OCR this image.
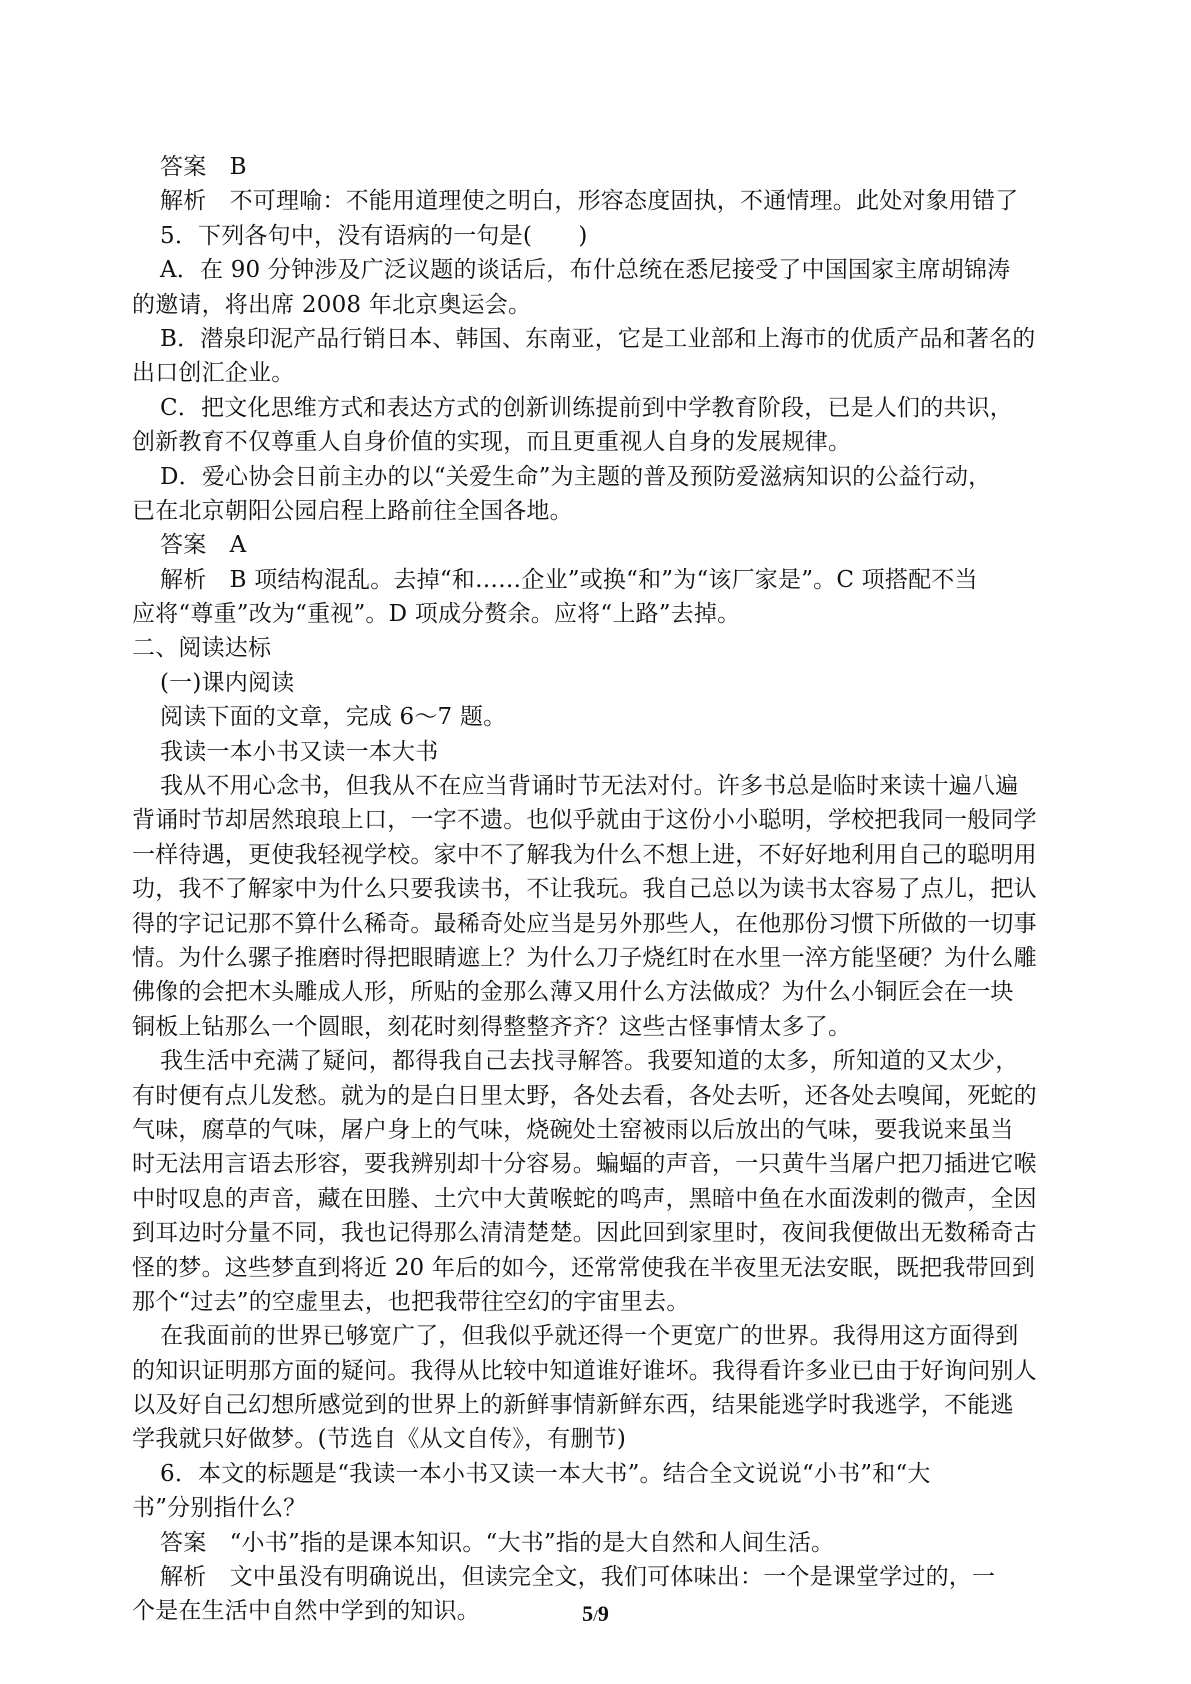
答案　B
解析　不可理喻：不能用道理使之明白，形容态度固执，不通情理。此处对象用错了
5．下列各句中，没有语病的一句是(　　)
A．在 90 分钟涉及广泛议题的谈话后，布什总统在悉尼接受了中国国家主席胡锦涛
的邀请，将出席 2008 年北京奥运会。
B．潜泉印泥产品行销日本、韩国、东南亚，它是工业部和上海市的优质产品和著名的
出口创汇企业。
C．把文化思维方式和表达方式的创新训练提前到中学教育阶段，已是人们的共识，
创新教育不仅尊重人自身价值的实现，而且更重视人自身的发展规律。
D．爱心协会日前主办的以“关爱生命”为主题的普及预防爱滋病知识的公益行动，
已在北京朝阳公园启程上路前往全国各地。
答案　A
解析　B 项结构混乱。去掉“和……企业”或换“和”为“该厂家是”。C 项搭配不当
应将“尊重”改为“重视”。D 项成分赘余。应将“上路”去掉。
二、阅读达标
(一)课内阅读
阅读下面的文章，完成 6～7 题。
我读一本小书又读一本大书
我从不用心念书，但我从不在应当背诵时节无法对付。许多书总是临时来读十遍八遍
背诵时节却居然琅琅上口，一字不遗。也似乎就由于这份小小聪明，学校把我同一般同学
一样待遇，更使我轻视学校。家中不了解我为什么不想上进，不好好地利用自己的聪明用
功，我不了解家中为什么只要我读书，不让我玩。我自己总以为读书太容易了点儿，把认
得的字记记那不算什么稀奇。最稀奇处应当是另外那些人，在他那份习惯下所做的一切事
情。为什么骡子推磨时得把眼睛遮上？为什么刀子烧红时在水里一淬方能坚硬？为什么雕
佛像的会把木头雕成人形，所贴的金那么薄又用什么方法做成？为什么小铜匠会在一块
铜板上钻那么一个圆眼，刻花时刻得整整齐齐？这些古怪事情太多了。
我生活中充满了疑问，都得我自己去找寻解答。我要知道的太多，所知道的又太少，
有时便有点儿发愁。就为的是白日里太野，各处去看，各处去听，还各处去嗅闻，死蛇的
气味，腐草的气味，屠户身上的气味，烧碗处土窑被雨以后放出的气味，要我说来虽当
时无法用言语去形容，要我辨别却十分容易。蝙蝠的声音，一只黄牛当屠户把刀插进它喉
中时叹息的声音，藏在田塍、土穴中大黄喉蛇的鸣声，黑暗中鱼在水面泼剌的微声，全因
到耳边时分量不同，我也记得那么清清楚楚。因此回到家里时，夜间我便做出无数稀奇古
怪的梦。这些梦直到将近 20 年后的如今，还常常使我在半夜里无法安眠，既把我带回到
那个“过去”的空虚里去，也把我带往空幻的宇宙里去。
在我面前的世界已够宽广了，但我似乎就还得一个更宽广的世界。我得用这方面得到
的知识证明那方面的疑问。我得从比较中知道谁好谁坏。我得看许多业已由于好询问别人
以及好自己幻想所感觉到的世界上的新鲜事情新鲜东西，结果能逃学时我逃学，不能逃
学我就只好做梦。(节选自《从文自传》，有删节)
6．本文的标题是“我读一本小书又读一本大书”。结合全文说说“小书”和“大
书”分别指什么？
答案　“小书”指的是课本知识。“大书”指的是大自然和人间生活。
解析　文中虽没有明确说出，但读完全文，我们可体味出：一个是课堂学过的，一
个是在生活中自然中学到的知识。	5/9
